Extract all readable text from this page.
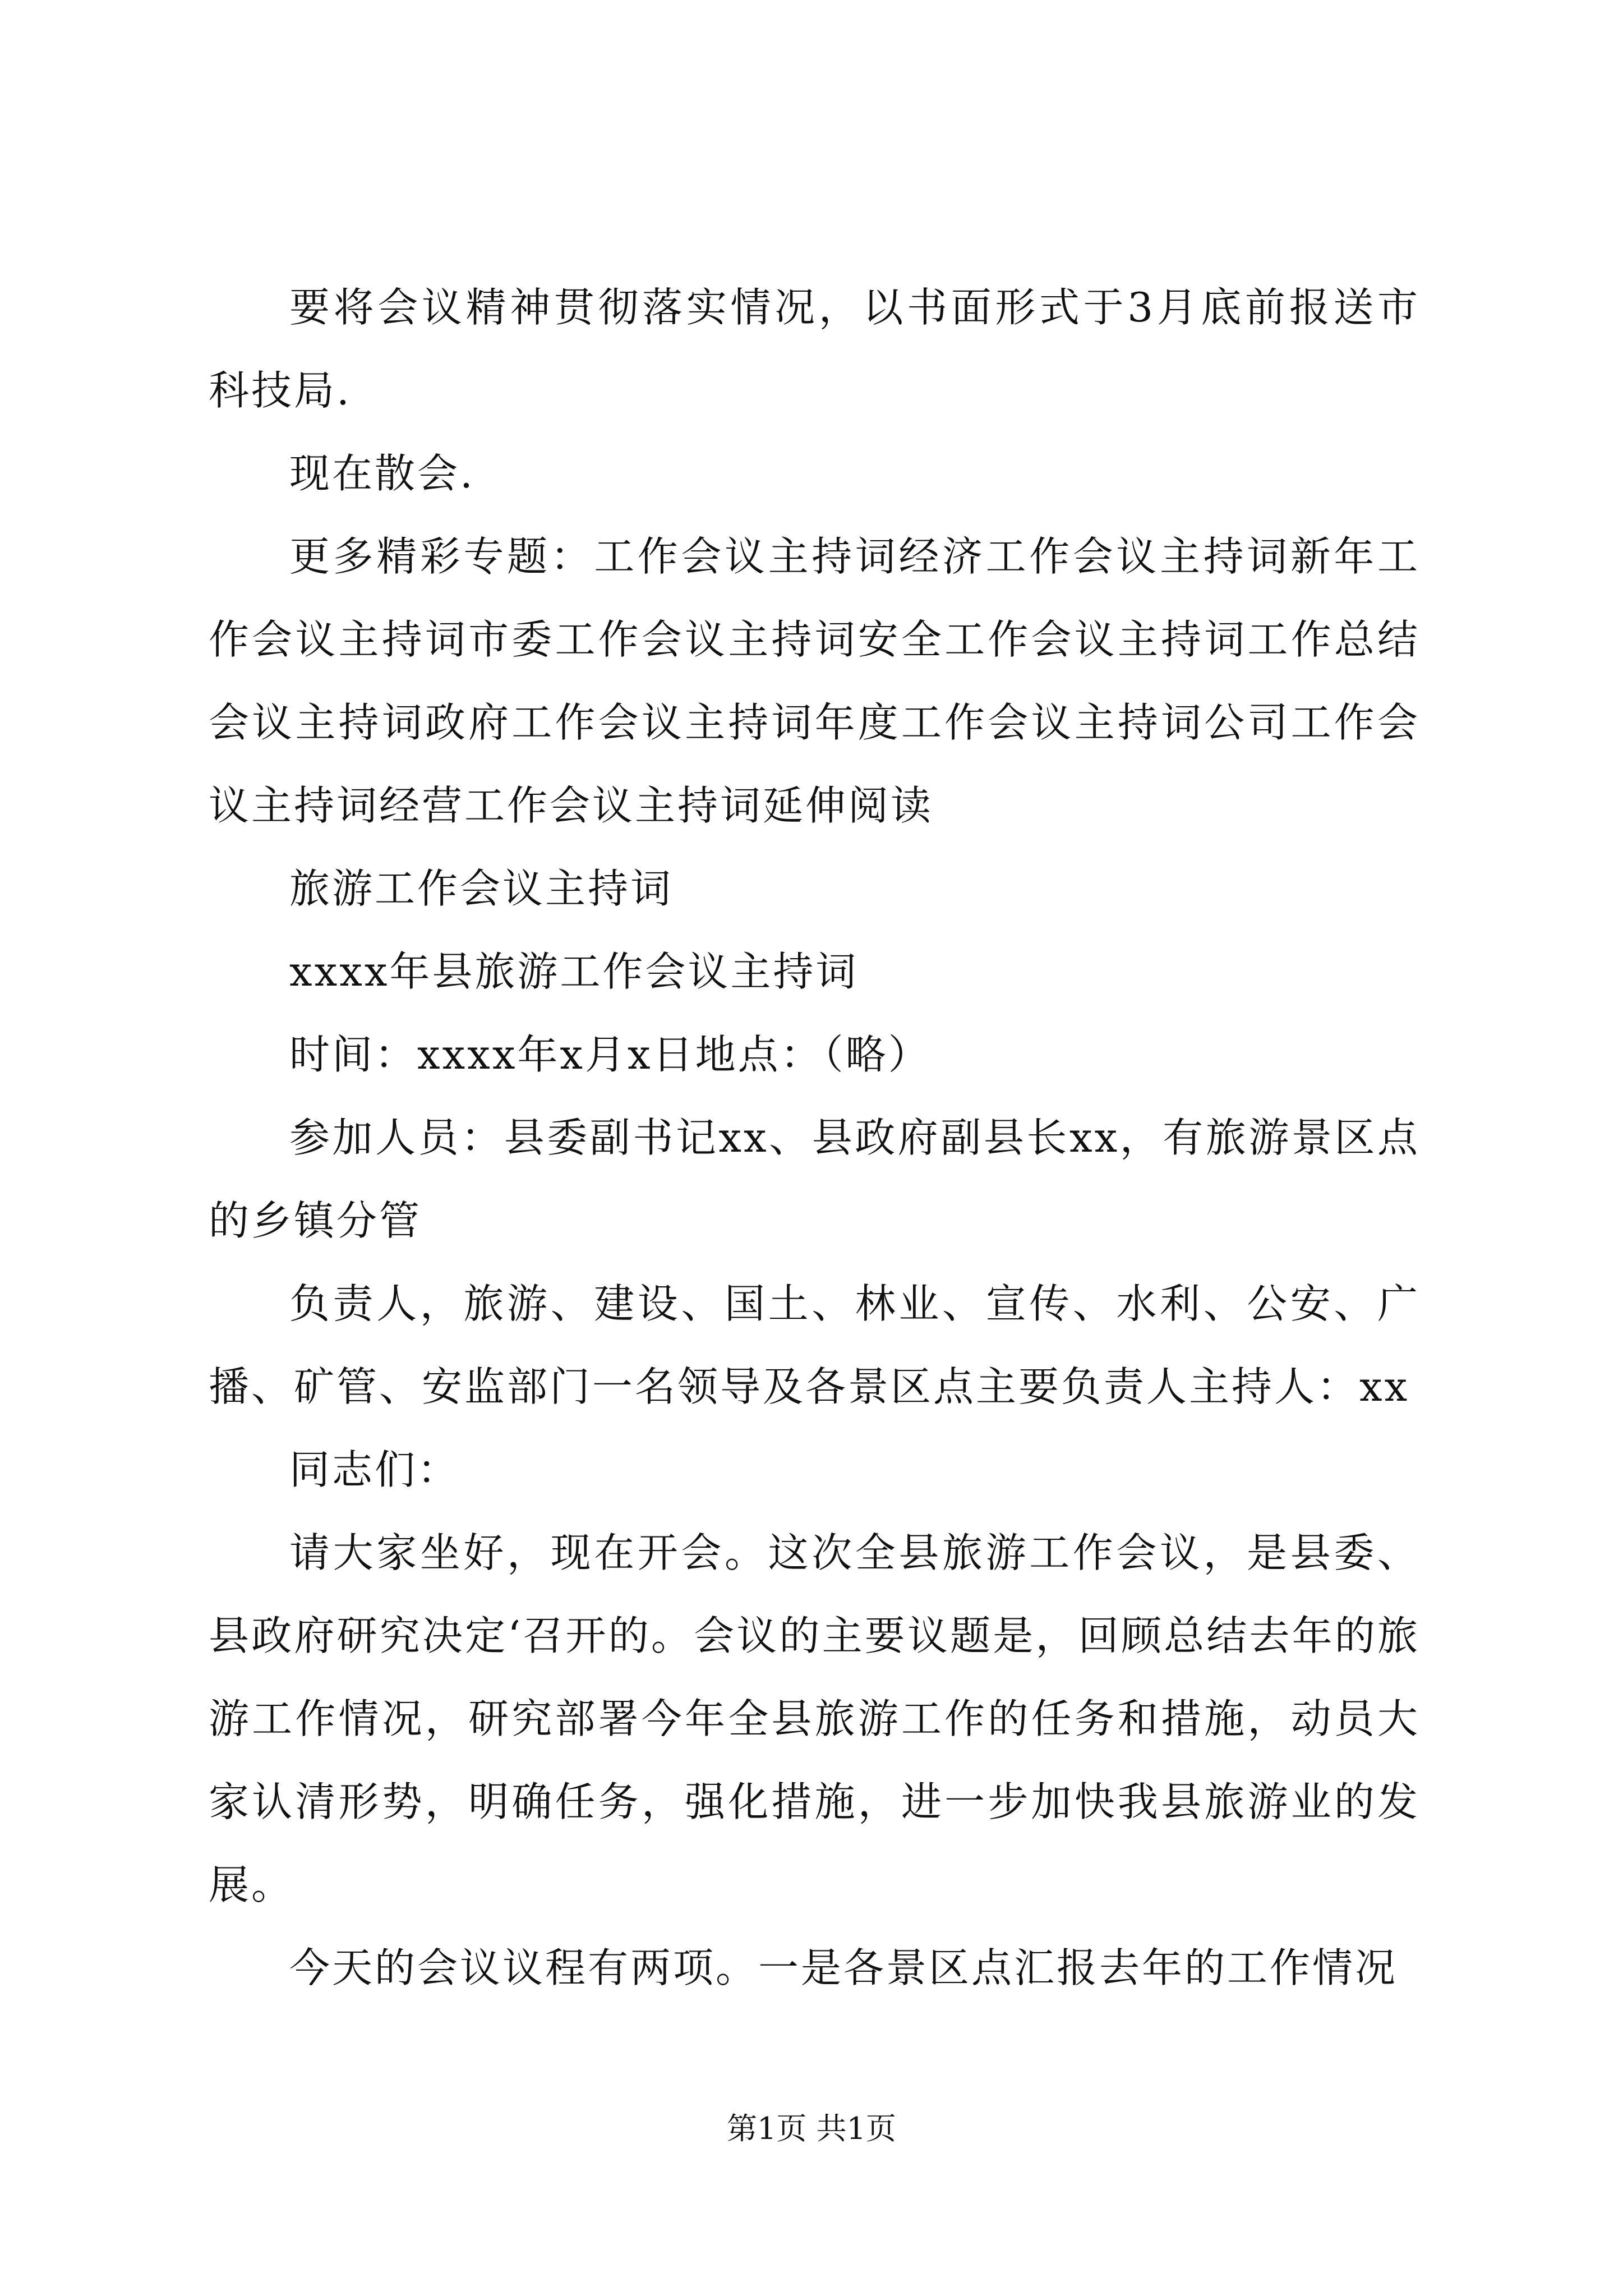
要将会议精神贯彻落实情况，以书面形式于3月底前报送市科技局.

现在散会.

更多精彩专题：工作会议主持词经济工作会议主持词新年工作会议主持词市委工作会议主持词安全工作会议主持词工作总结会议主持词政府工作会议主持词年度工作会议主持词公司工作会议主持词经营工作会议主持词延伸阅读

旅游工作会议主持词

xxxx年县旅游工作会议主持词

时间：xxxx年x月x日地点：（略）

参加人员：县委副书记xx、县政府副县长xx，有旅游景区点的乡镇分管

负责人，旅游、建设、国土、林业、宣传、水利、公安、广播、矿管、安监部门一名领导及各景区点主要负责人主持人：xx

同志们：

请大家坐好，现在开会。这次全县旅游工作会议，是县委、县政府研究决定‘召开的。会议的主要议题是，回顾总结去年的旅游工作情况，研究部署今年全县旅游工作的任务和措施，动员大家认清形势，明确任务，强化措施，进一步加快我县旅游业的发展。

今天的会议议程有两项。一是各景区点汇报去年的工作情况

第1页 共1页
